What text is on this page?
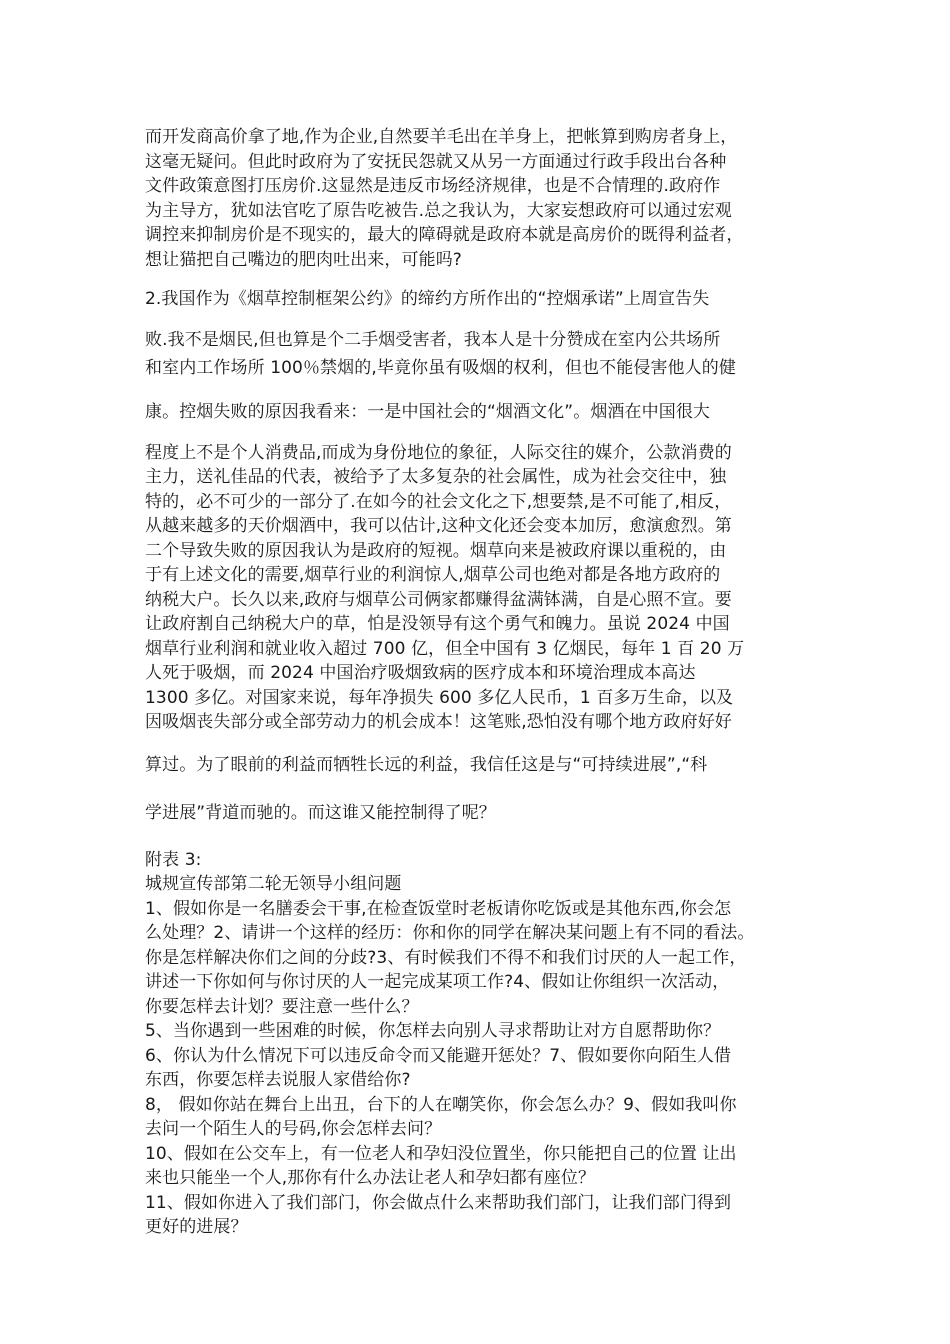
而开发商高价拿了地,作为企业,自然要羊毛出在羊身上，把帐算到购房者身上，
这毫无疑问。但此时政府为了安抚民怨就又从另一方面通过行政手段出台各种
文件政策意图打压房价.这显然是违反市场经济规律，也是不合情理的.政府作
为主导方，犹如法官吃了原告吃被告.总之我认为，大家妄想政府可以通过宏观
调控来抑制房价是不现实的，最大的障碍就是政府本就是高房价的既得利益者，
想让猫把自己嘴边的肥肉吐出来，可能吗?
2.我国作为《烟草控制框架公约》的缔约方所作出的“控烟承诺”上周宣告失
败.我不是烟民,但也算是个二手烟受害者，我本人是十分赞成在室内公共场所
和室内工作场所 100％禁烟的,毕竟你虽有吸烟的权利，但也不能侵害他人的健
康。控烟失败的原因我看来：一是中国社会的“烟酒文化”。烟酒在中国很大
程度上不是个人消费品,而成为身份地位的象征，人际交往的媒介，公款消费的
主力，送礼佳品的代表，被给予了太多复杂的社会属性，成为社会交往中，独
特的，必不可少的一部分了.在如今的社会文化之下,想要禁,是不可能了,相反，
从越来越多的天价烟酒中，我可以估计,这种文化还会变本加厉，愈演愈烈。第
二个导致失败的原因我认为是政府的短视。烟草向来是被政府课以重税的，由
于有上述文化的需要,烟草行业的利润惊人,烟草公司也绝对都是各地方政府的
纳税大户。长久以来,政府与烟草公司俩家都赚得盆满钵满，自是心照不宣。要
让政府割自己纳税大户的草，怕是没领导有这个勇气和魄力。虽说 2024 中国
烟草行业利润和就业收入超过 700 亿，但全中国有 3 亿烟民，每年 1 百 20 万
人死于吸烟，而 2024 中国治疗吸烟致病的医疗成本和环境治理成本高达
1300 多亿。对国家来说，每年净损失 600 多亿人民币，1 百多万生命，以及
因吸烟丧失部分或全部劳动力的机会成本！这笔账,恐怕没有哪个地方政府好好
算过。为了眼前的利益而牺牲长远的利益，我信任这是与“可持续进展”,“科
学进展”背道而驰的。而这谁又能控制得了呢？
附表 3:
城规宣传部第二轮无领导小组问题
1、假如你是一名膳委会干事,在检查饭堂时老板请你吃饭或是其他东西,你会怎
么处理？2、请讲一个这样的经历：你和你的同学在解决某问题上有不同的看法。
你是怎样解决你们之间的分歧?3、有时候我们不得不和我们讨厌的人一起工作，
讲述一下你如何与你讨厌的人一起完成某项工作?4、假如让你组织一次活动，
你要怎样去计划？要注意一些什么？
5、当你遇到一些困难的时候，你怎样去向别人寻求帮助让对方自愿帮助你？
6、你认为什么情况下可以违反命令而又能避开惩处？7、假如要你向陌生人借
东西，你要怎样去说服人家借给你?
8， 假如你站在舞台上出丑，台下的人在嘲笑你，你会怎么办？9、假如我叫你
去问一个陌生人的号码,你会怎样去问？
10、假如在公交车上，有一位老人和孕妇没位置坐，你只能把自己的位置 让出
来也只能坐一个人,那你有什么办法让老人和孕妇都有座位？
11、假如你进入了我们部门，你会做点什么来帮助我们部门，让我们部门得到
更好的进展？
